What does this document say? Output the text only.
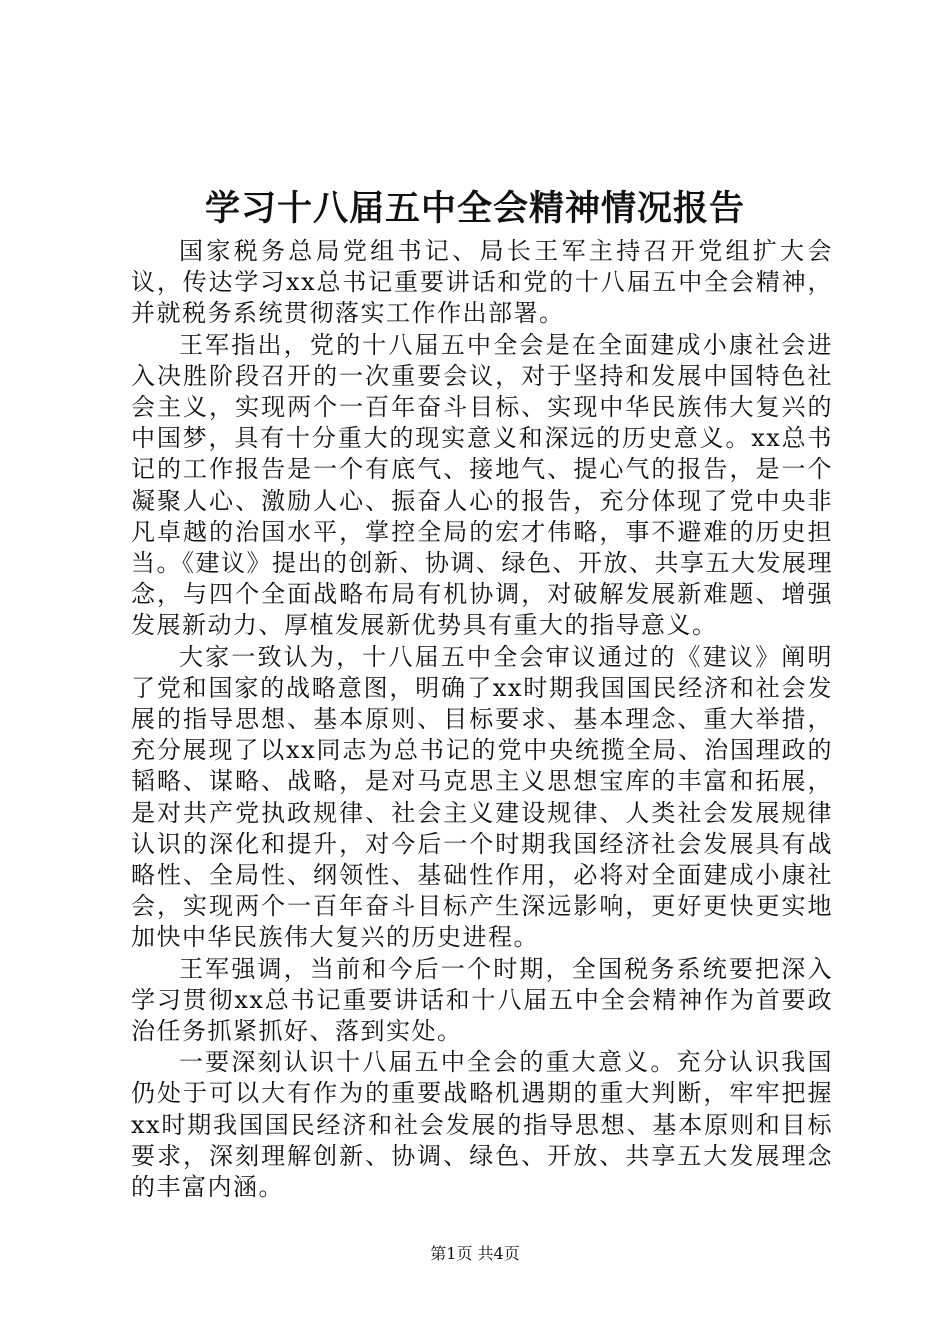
学习十八届五中全会精神情况报告

国家税务总局党组书记、局长王军主持召开党组扩大会议，传达学习xx总书记重要讲话和党的十八届五中全会精神，并就税务系统贯彻落实工作作出部署。

王军指出，党的十八届五中全会是在全面建成小康社会进入决胜阶段召开的一次重要会议，对于坚持和发展中国特色社会主义，实现两个一百年奋斗目标、实现中华民族伟大复兴的中国梦，具有十分重大的现实意义和深远的历史意义。xx总书记的工作报告是一个有底气、接地气、提心气的报告，是一个凝聚人心、激励人心、振奋人心的报告，充分体现了党中央非凡卓越的治国水平，掌控全局的宏才伟略，事不避难的历史担当。《建议》提出的创新、协调、绿色、开放、共享五大发展理念，与四个全面战略布局有机协调，对破解发展新难题、增强发展新动力、厚植发展新优势具有重大的指导意义。

大家一致认为，十八届五中全会审议通过的《建议》阐明了党和国家的战略意图，明确了xx时期我国国民经济和社会发展的指导思想、基本原则、目标要求、基本理念、重大举措，充分展现了以xx同志为总书记的党中央统揽全局、治国理政的韬略、谋略、战略，是对马克思主义思想宝库的丰富和拓展，是对共产党执政规律、社会主义建设规律、人类社会发展规律认识的深化和提升，对今后一个时期我国经济社会发展具有战略性、全局性、纲领性、基础性作用，必将对全面建成小康社会，实现两个一百年奋斗目标产生深远影响，更好更快更实地加快中华民族伟大复兴的历史进程。

王军强调，当前和今后一个时期，全国税务系统要把深入学习贯彻xx总书记重要讲话和十八届五中全会精神作为首要政治任务抓紧抓好、落到实处。

一要深刻认识十八届五中全会的重大意义。充分认识我国仍处于可以大有作为的重要战略机遇期的重大判断，牢牢把握xx时期我国国民经济和社会发展的指导思想、基本原则和目标要求，深刻理解创新、协调、绿色、开放、共享五大发展理念的丰富内涵。

第1页 共4页
